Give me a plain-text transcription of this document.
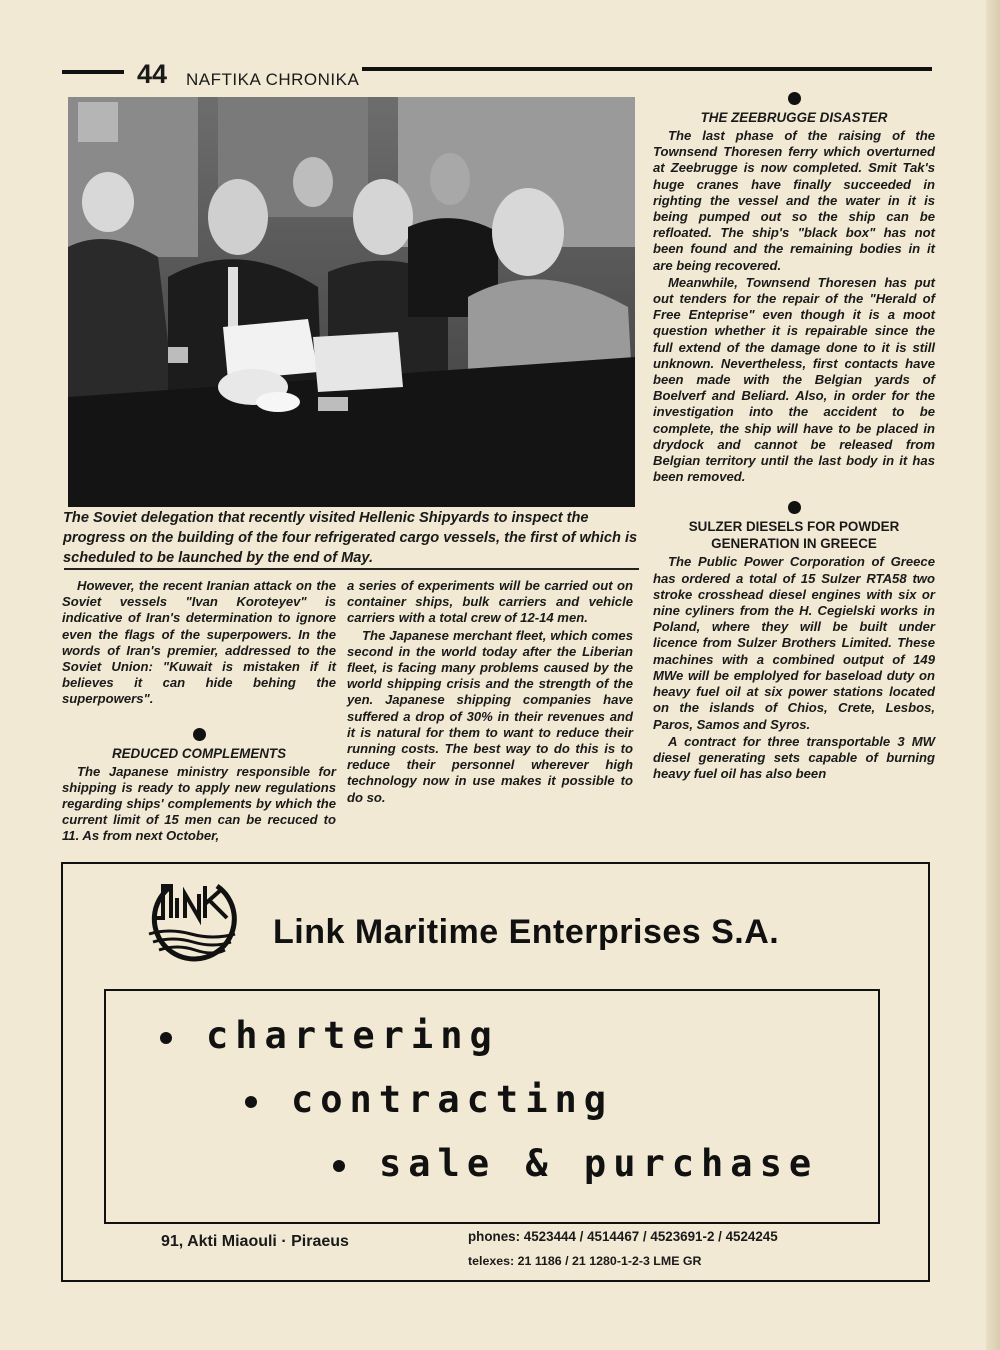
44 NAFTIKA CHRONIKA

The Soviet delegation that recently visited Hellenic Shipyards to inspect the progress on the building of the four refrigerated cargo vessels, the first of which is scheduled to be launched by the end of May.

However, the recent Iranian attack on the Soviet vessels "Ivan Koroteyev" is indicative of Iran's determination to ignore even the flags of the superpowers. In the words of Iran's premier, addressed to the Soviet Union: "Kuwait is mistaken if it believes it can hide behing the superpowers".

REDUCED COMPLEMENTS

The Japanese ministry responsible for shipping is ready to apply new regulations regarding ships' complements by which the current limit of 15 men can be recuced to 11. As from next October,

a series of experiments will be carried out on container ships, bulk carriers and vehicle carriers with a total crew of 12-14 men.

The Japanese merchant fleet, which comes second in the world today after the Liberian fleet, is facing many problems caused by the world shipping crisis and the strength of the yen. Japanese shipping companies have suffered a drop of 30% in their revenues and it is natural for them to want to reduce their running costs. The best way to do this is to reduce their personnel wherever high technology now in use makes it possible to do so.

THE ZEEBRUGGE DISASTER

The last phase of the raising of the Townsend Thoresen ferry which overturned at Zeebrugge is now completed. Smit Tak's huge cranes have finally succeeded in righting the vessel and the water in it is being pumped out so the ship can be refloated. The ship's "black box" has not been found and the remaining bodies in it are being recovered.

Meanwhile, Townsend Thoresen has put out tenders for the repair of the "Herald of Free Enteprise" even though it is a moot question whether it is repairable since the full extend of the damage done to it is still unknown. Nevertheless, first contacts have been made with the Belgian yards of Boelverf and Beliard. Also, in order for the investigation into the accident to be complete, the ship will have to be placed in drydock and cannot be released from Belgian territory until the last body in it has been removed.

SULZER DIESELS FOR POWDER GENERATION IN GREECE

The Public Power Corporation of Greece has ordered a total of 15 Sulzer RTA58 two stroke crosshead diesel engines with six or nine cyliners from the H. Cegielski works in Poland, where they will be built under licence from Sulzer Brothers Limited. These machines with a combined output of 149 MWe will be emplolyed for baseload duty on heavy fuel oil at six power stations located on the islands of Chios, Crete, Lesbos, Paros, Samos and Syros.

A contract for three transportable 3 MW diesel generating sets capable of burning heavy fuel oil has also been

Link Maritime Enterprises S.A.
chartering
contracting
sale & purchase
91, Akti Miaouli · Piraeus	phones: 4523444 / 4514467 / 4523691-2 / 4524245
telexes: 21 1186 / 21 1280-1-2-3 LME GR
